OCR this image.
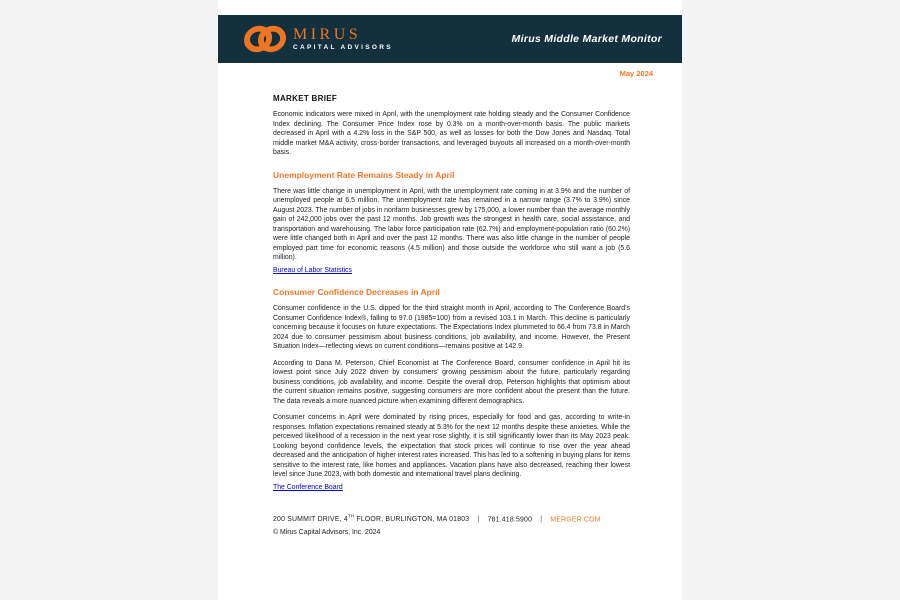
MIRUS
CAPITAL ADVISORS
Mirus Middle Market Monitor
May 2024
MARKET BRIEF

Economic indicators were mixed in April, with the unemployment rate holding steady and the Consumer Confidence Index declining. The Consumer Price Index rose by 0.3% on a month-over-month basis. The public markets decreased in April with a 4.2% loss in the S&P 500, as well as losses for both the Dow Jones and Nasdaq. Total middle market M&A activity, cross-border transactions, and leveraged buyouts all increased on a month-over-month basis.

Unemployment Rate Remains Steady in April

There was little change in unemployment in April, with the unemployment rate coming in at 3.9% and the number of unemployed people at 6.5 million. The unemployment rate has remained in a narrow range (3.7% to 3.9%) since August 2023. The number of jobs in nonfarm businesses grew by 175,000, a lower number than the average monthly gain of 242,000 jobs over the past 12 months. Job growth was the strongest in health care, social assistance, and transportation and warehousing. The labor force participation rate (62.7%) and employment-population ratio (60.2%) were little changed both in April and over the past 12 months. There was also little change in the number of people employed part time for economic reasons (4.5 million) and those outside the workforce who still want a job (5.6 million).

Bureau of Labor Statistics
Consumer Confidence Decreases in April

Consumer confidence in the U.S. dipped for the third straight month in April, according to The Conference Board’s Consumer Confidence Index®, falling to 97.0 (1985=100) from a revised 103.1 in March. This decline is particularly concerning because it focuses on future expectations. The Expectations Index plummeted to 66.4 from 73.8 in March 2024 due to consumer pessimism about business conditions, job availability, and income. However, the Present Situation Index—reflecting views on current conditions—remains positive at 142.9.

According to Dana M. Peterson, Chief Economist at The Conference Board, consumer confidence in April hit its lowest point since July 2022 driven by consumers’ growing pessimism about the future, particularly regarding business conditions, job availability, and income. Despite the overall drop, Peterson highlights that optimism about the current situation remains positive, suggesting consumers are more confident about the present than the future. The data reveals a more nuanced picture when examining different demographics.

Consumer concerns in April were dominated by rising prices, especially for food and gas, according to write-in responses. Inflation expectations remained steady at 5.3% for the next 12 months despite these anxieties. While the perceived likelihood of a recession in the next year rose slightly, it is still significantly lower than its May 2023 peak. Looking beyond confidence levels, the expectation that stock prices will continue to rise over the year ahead decreased and the anticipation of higher interest rates increased. This has led to a softening in buying plans for items sensitive to the interest rate, like homes and appliances. Vacation plans have also decreased, reaching their lowest level since June 2023, with both domestic and international travel plans declining.

The Conference Board
200 SUMMIT DRIVE, 4TH FLOOR, BURLINGTON, MA 01803 | 781.418.5900 | MERGER.COM
© Mirus Capital Advisors, Inc. 2024
